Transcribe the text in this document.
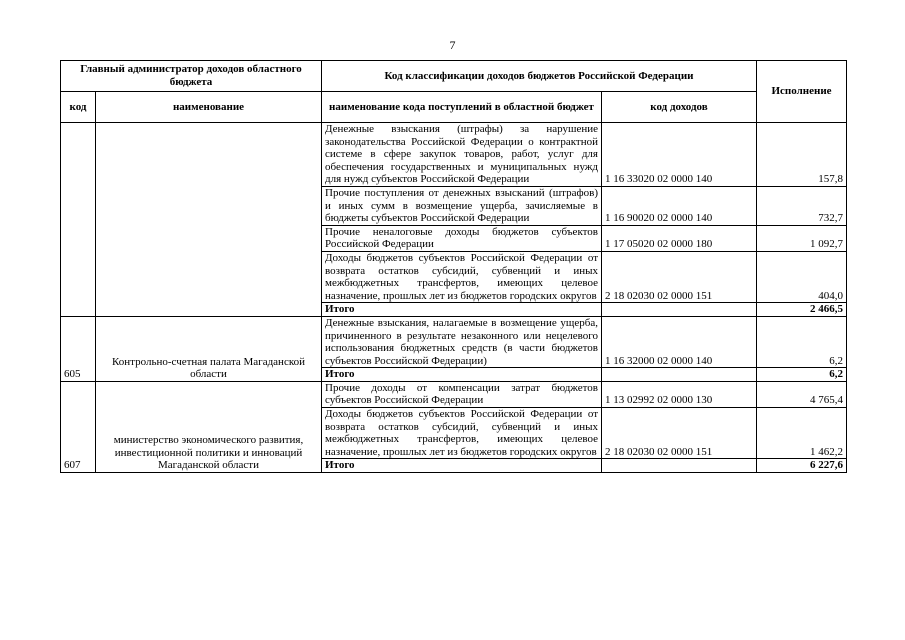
7
Главный администратор доходов областного бюджета		Код классификации доходов бюджетов Российской Федерации		Исполнение
код	наименование	наименование кода поступлений в областной бюджет	код доходов	
		Денежные взыскания (штрафы) за нарушение законодательства Российской Федерации о контрактной системе в сфере закупок товаров, работ, услуг для обеспечения государственных и муниципальных нужд для нужд субъектов Российской Федерации	1 16 33020 02 0000 140	157,8
		Прочие поступления от денежных взысканий (штрафов) и иных сумм в возмещение ущерба, зачисляемые в бюджеты субъектов Российской Федерации	1 16 90020 02 0000 140	732,7
		Прочие неналоговые доходы бюджетов субъектов Российской Федерации	1 17 05020 02 0000 180	1 092,7
		Доходы бюджетов субъектов Российской Федерации от возврата остатков субсидий, субвенций и иных межбюджетных трансфертов, имеющих целевое назначение, прошлых лет из бюджетов городских округов	2 18 02030 02 0000 151	404,0
		Итого		2 466,5
605	Контрольно-счетная палата Магаданской области	Денежные взыскания, налагаемые в возмещение ущерба, причиненного в результате незаконного или нецелевого использования бюджетных средств (в части бюджетов субъектов Российской Федерации)	1 16 32000 02 0000 140	6,2
		Итого		6,2
607	министерство экономического развития, инвестиционной политики и инноваций Магаданской области	Прочие доходы от компенсации затрат бюджетов субъектов Российской Федерации	1 13 02992 02 0000 130	4 765,4
		Доходы бюджетов субъектов Российской Федерации от возврата остатков субсидий, субвенций и иных межбюджетных трансфертов, имеющих целевое назначение, прошлых лет из бюджетов городских округов	2 18 02030 02 0000 151	1 462,2
		Итого		6 227,6
